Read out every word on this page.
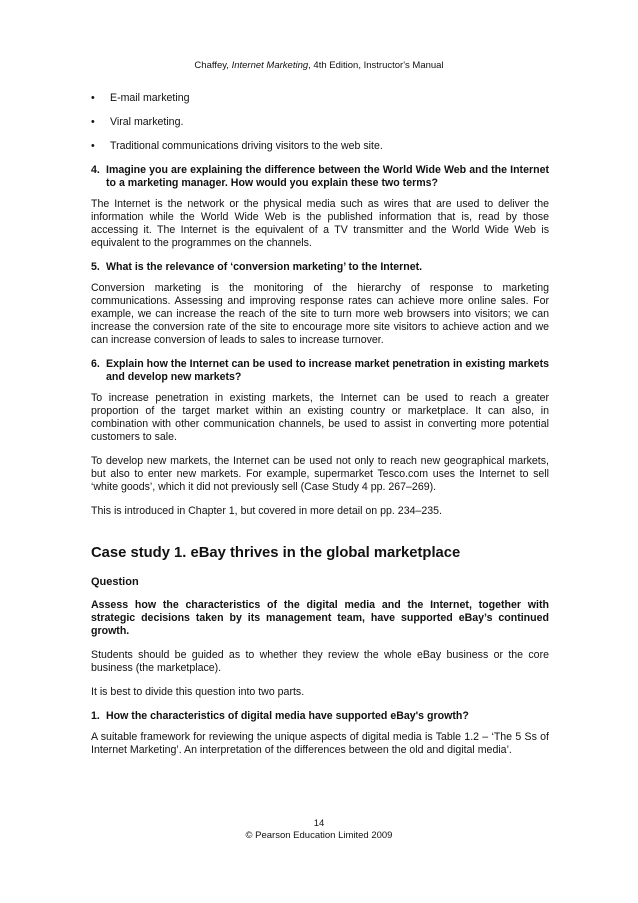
Chaffey, Internet Marketing, 4th Edition, Instructor's Manual
• E-mail marketing
• Viral marketing.
• Traditional communications driving visitors to the web site.
4. Imagine you are explaining the difference between the World Wide Web and the Internet to a marketing manager. How would you explain these two terms?

The Internet is the network or the physical media such as wires that are used to deliver the information while the World Wide Web is the published information that is, read by those accessing it. The Internet is the equivalent of a TV transmitter and the World Wide Web is equivalent to the programmes on the channels.

5. What is the relevance of ‘conversion marketing’ to the Internet.

Conversion marketing is the monitoring of the hierarchy of response to marketing communications. Assessing and improving response rates can achieve more online sales. For example, we can increase the reach of the site to turn more web browsers into visitors; we can increase the conversion rate of the site to encourage more site visitors to achieve action and we can increase conversion of leads to sales to increase turnover.

6. Explain how the Internet can be used to increase market penetration in existing markets and develop new markets?

To increase penetration in existing markets, the Internet can be used to reach a greater proportion of the target market within an existing country or marketplace. It can also, in combination with other communication channels, be used to assist in converting more potential customers to sale.

To develop new markets, the Internet can be used not only to reach new geographical markets, but also to enter new markets. For example, supermarket Tesco.com uses the Internet to sell ‘white goods’, which it did not previously sell (Case Study 4 pp. 267–269).

This is introduced in Chapter 1, but covered in more detail on pp. 234–235.

Case study 1. eBay thrives in the global marketplace
Question

Assess how the characteristics of the digital media and the Internet, together with strategic decisions taken by its management team, have supported eBay’s continued growth.

Students should be guided as to whether they review the whole eBay business or the core business (the marketplace).

It is best to divide this question into two parts.

1. How the characteristics of digital media have supported eBay's growth?

A suitable framework for reviewing the unique aspects of digital media is Table 1.2 – ‘The 5 Ss of Internet Marketing’. An interpretation of the differences between the old and digital media’.

14
© Pearson Education Limited 2009
